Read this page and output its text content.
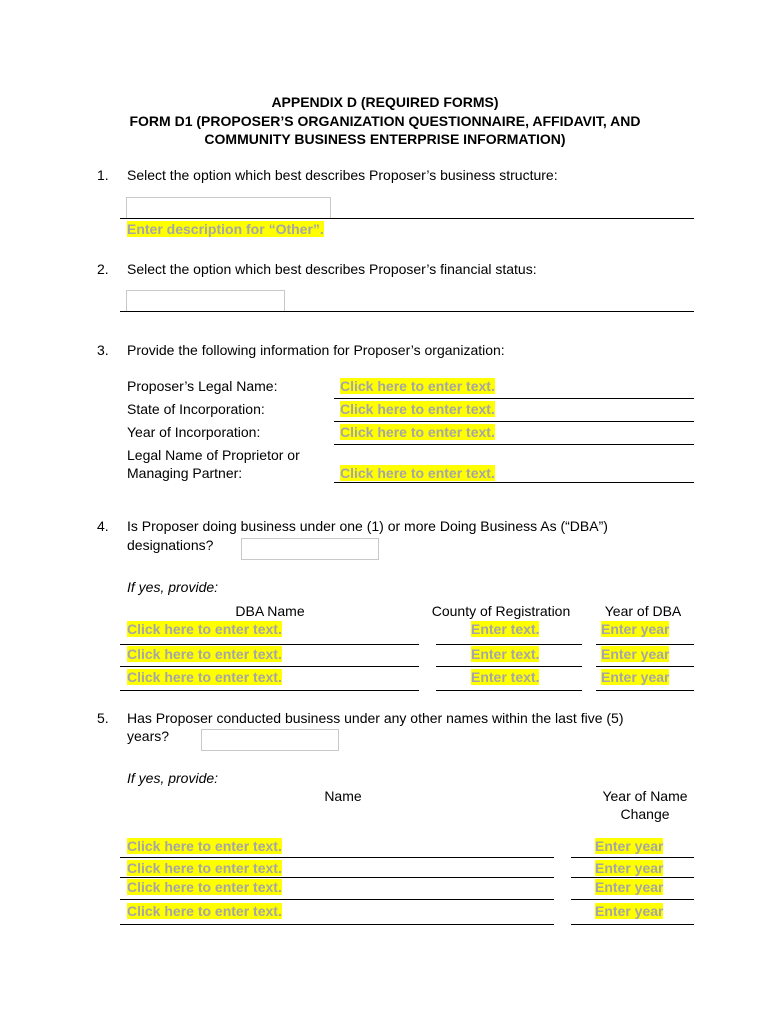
APPENDIX D (REQUIRED FORMS)
FORM D1 (PROPOSER’S ORGANIZATION QUESTIONNAIRE, AFFIDAVIT, AND
COMMUNITY BUSINESS ENTERPRISE INFORMATION)
1. Select the option which best describes Proposer’s business structure:
Enter description for “Other”.
2. Select the option which best describes Proposer’s financial status:
3. Provide the following information for Proposer’s organization:
Proposer’s Legal Name:	Click here to enter text.
State of Incorporation:	Click here to enter text.
Year of Incorporation:	Click here to enter text.
Legal Name of Proprietor or
Managing Partner:	Click here to enter text.
4. Is Proposer doing business under one (1) or more Doing Business As (“DBA”)
designations?
If yes, provide:
DBA Name	County of Registration	Year of DBA
Click here to enter text.	Enter text.	Enter year
Click here to enter text.	Enter text.	Enter year
Click here to enter text.	Enter text.	Enter year
5. Has Proposer conducted business under any other names within the last five (5)
years?
If yes, provide:
Name	Year of Name
Change
Click here to enter text.	Enter year
Click here to enter text.	Enter year
Click here to enter text.	Enter year
Click here to enter text.	Enter year
